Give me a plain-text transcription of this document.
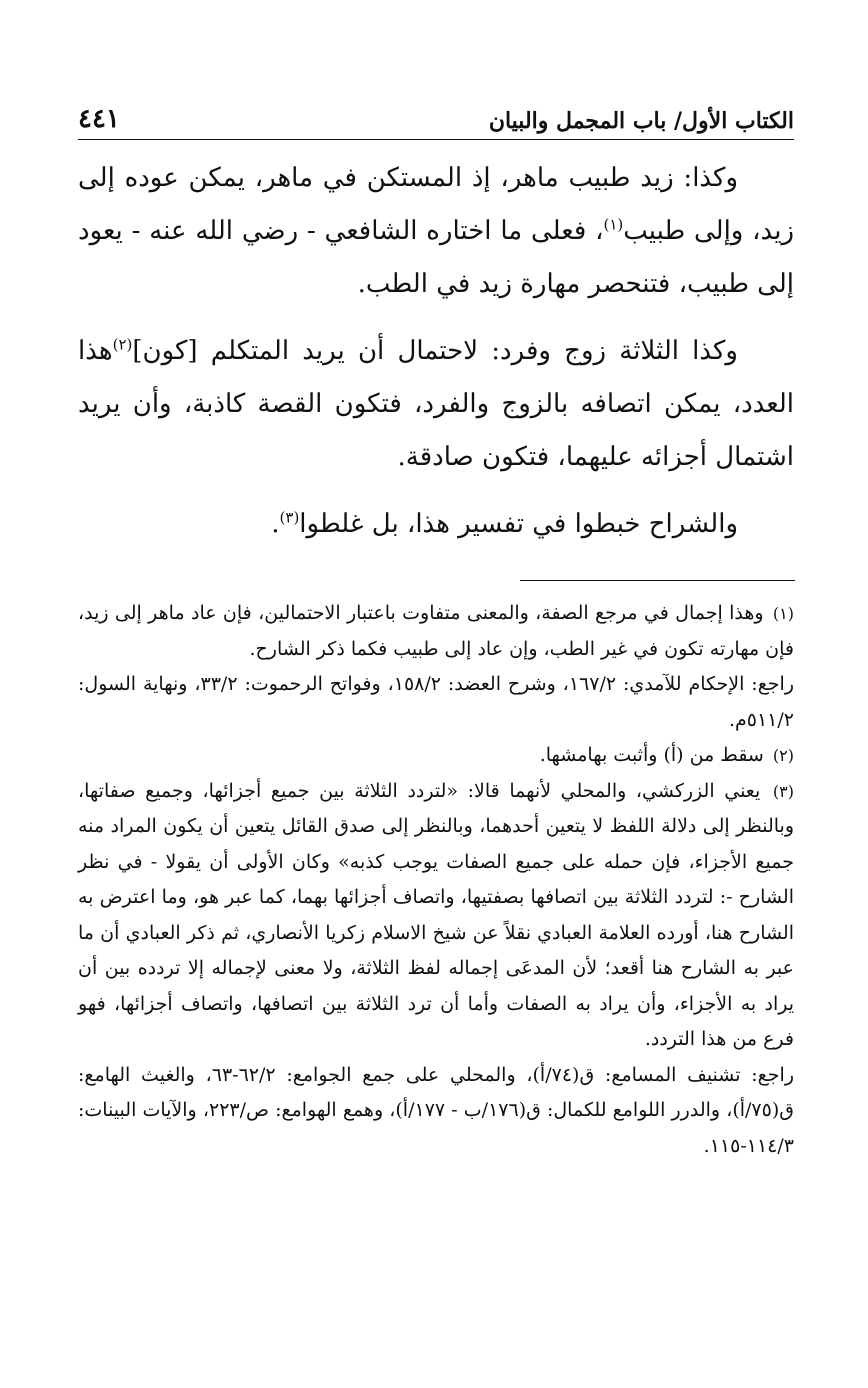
الكتاب الأول/ باب المجمل والبيان
٤٤١

وكذا: زيد طبيب ماهر، إذ المستكن في ماهر، يمكن عوده إلى زيد، وإلى طبيب$^{(١)}$، فعلى ما اختاره الشافعي - رضي الله عنه - يعود إلى طبيب، فتنحصر مهارة زيد في الطب.

وكذا الثلاثة زوج وفرد: لاحتمال أن يريد المتكلم [كون]$^{(٢)}$هذا العدد، يمكن اتصافه بالزوج والفرد، فتكون القصة كاذبة، وأن يريد اشتمال أجزائه عليهما، فتكون صادقة.

والشراح خبطوا في تفسير هذا، بل غلطوا$^{(٣)}$.

(١) وهذا إجمال في مرجع الصفة، والمعنى متفاوت باعتبار الاحتمالين، فإن عاد ماهر إلى زيد، فإن مهارته تكون في غير الطب، وإن عاد إلى طبيب فكما ذكر الشارح.

راجع: الإحكام للآمدي: ١٦٧/٢، وشرح العضد: ١٥٨/٢، وفواتح الرحموت: ٣٣/٢، ونهاية السول: ٥١١/٢م.

(٢) سقط من (أ) وأثبت بهامشها.

(٣) يعني الزركشي، والمحلي لأنهما قالا: «لتردد الثلاثة بين جميع أجزائها، وجميع صفاتها، وبالنظر إلى دلالة اللفظ لا يتعين أحدهما، وبالنظر إلى صدق القائل يتعين أن يكون المراد منه جميع الأجزاء، فإن حمله على جميع الصفات يوجب كذبه» وكان الأولى أن يقولا - في نظر الشارح -: لتردد الثلاثة بين اتصافها بصفتيها، واتصاف أجزائها بهما، كما عبر هو، وما اعترض به الشارح هنا، أورده العلامة العبادي نقلاً عن شيخ الاسلام زكريا الأنصاري، ثم ذكر العبادي أن ما عبر به الشارح هنا أقعد؛ لأن المدعَى إجماله لفظ الثلاثة، ولا معنى لإجماله إلا تردده بين أن يراد به الأجزاء، وأن يراد به الصفات وأما أن ترد الثلاثة بين اتصافها، واتصاف أجزائها، فهو فرع من هذا التردد.

راجع: تشنيف المسامع: ق(٧٤/أ)، والمحلي على جمع الجوامع: ٦٢/٢-٦٣، والغيث الهامع: ق(٧٥/أ)، والدرر اللوامع للكمال: ق(١٧٦/ب - ١٧٧/أ)، وهمع الهوامع: ص/٢٢٣، والآيات البينات: ١١٤/٣-١١٥.
